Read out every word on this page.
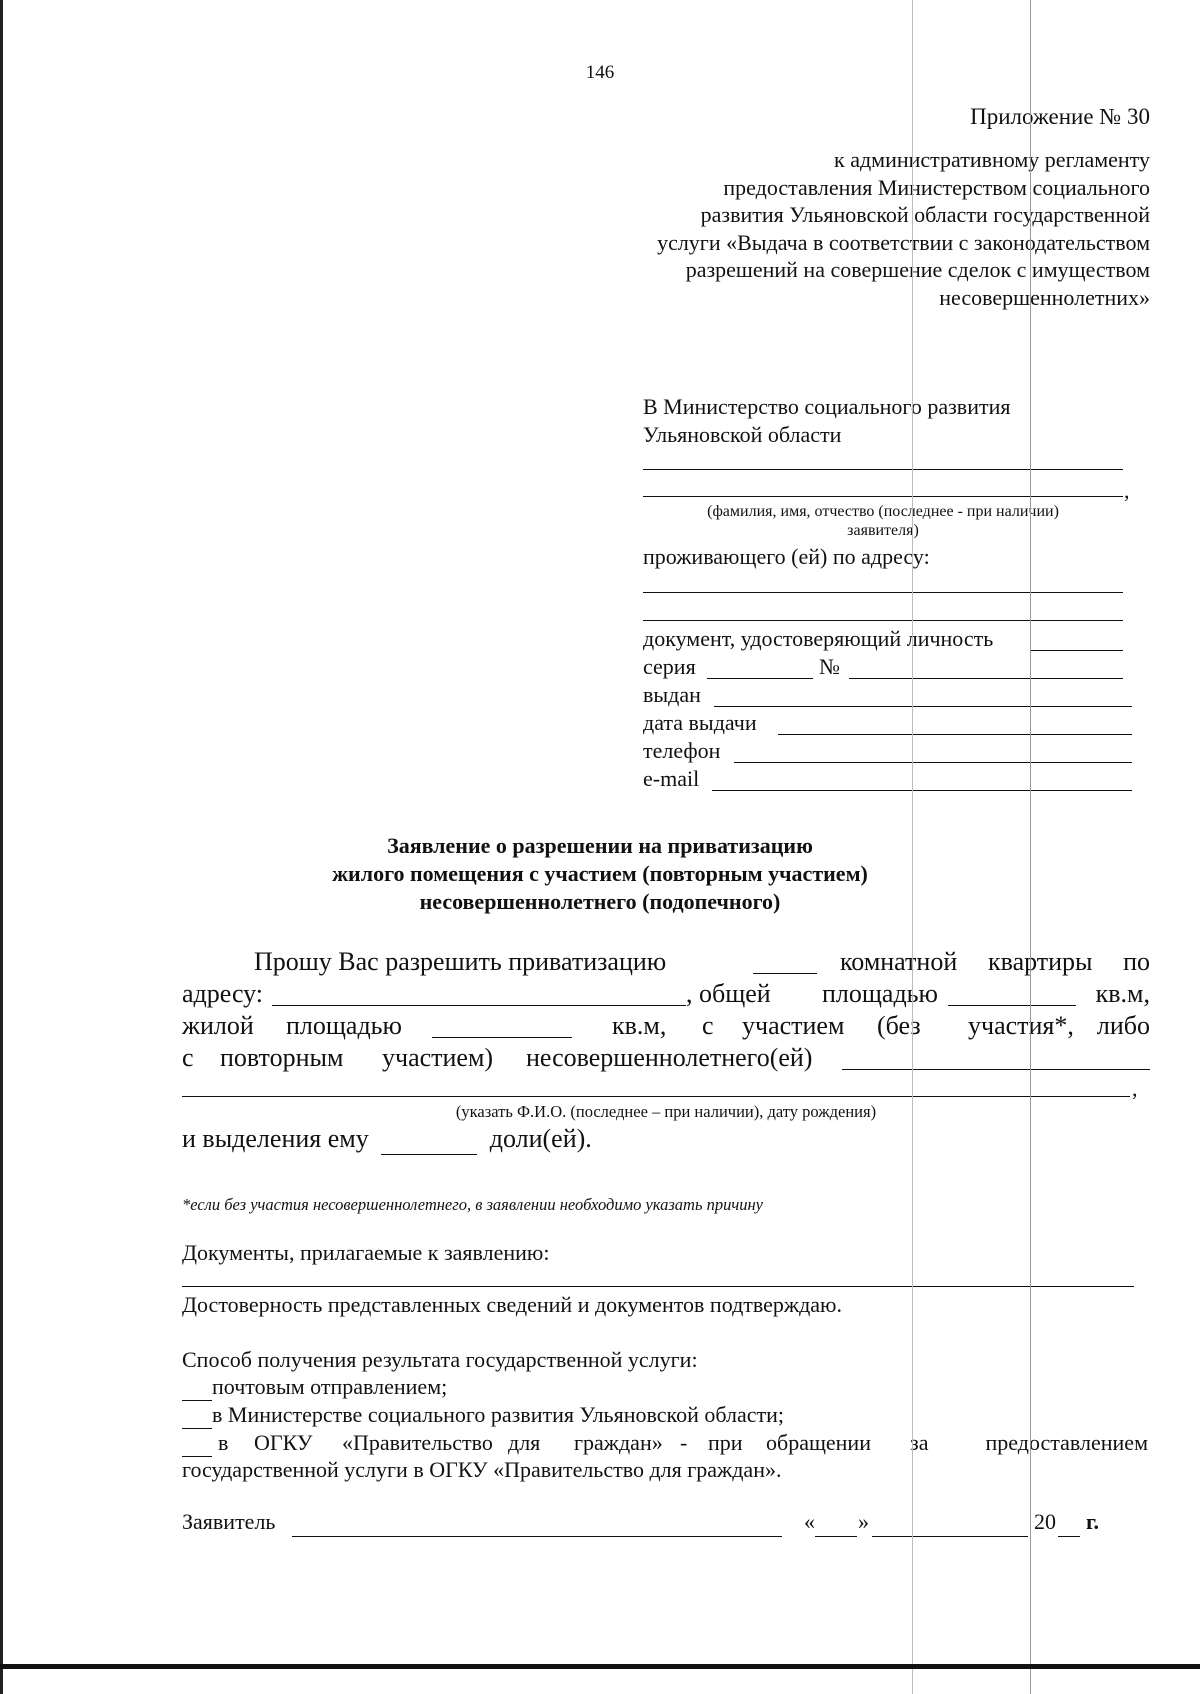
146
Приложение № 30
к административному регламенту
предоставления Министерством социального
развития Ульяновской области государственной
услуги «Выдача в соответствии с законодательством
разрешений на совершение сделок с имуществом
несовершеннолетних»
В Министерство социального развития
Ульяновской области
,
(фамилия, имя, отчество (последнее - при наличии)
заявителя)
проживающего (ей) по адресу:
документ, удостоверяющий личность
серия	№
выдан
дата выдачи
телефон
e-mail
Заявление о разрешении на приватизацию
жилого помещения с участием (повторным участием)
несовершеннолетнего (подопечного)
Прошу Вас разрешить приватизацию	комнатной квартиры по
адресу:	, общей площадью	кв.м,
жилой площадью	кв.м, с участием (без участия*, либо
с повторным участием) несовершеннолетнего(ей)
,
(указать Ф.И.О. (последнее – при наличии), дату рождения)
и выделения ему	доли(ей).
*если без участия несовершеннолетнего, в заявлении необходимо указать причину
Документы, прилагаемые к заявлению:
Достоверность представленных сведений и документов подтверждаю.
Способ получения результата государственной услуги:
почтовым отправлением;
в Министерстве социального развития Ульяновской области;

в ОГКУ «Правительство для граждан» - при обращении за	предоставлением
государственной услуги в ОГКУ «Правительство для граждан».
Заявитель	« »	20 г.
